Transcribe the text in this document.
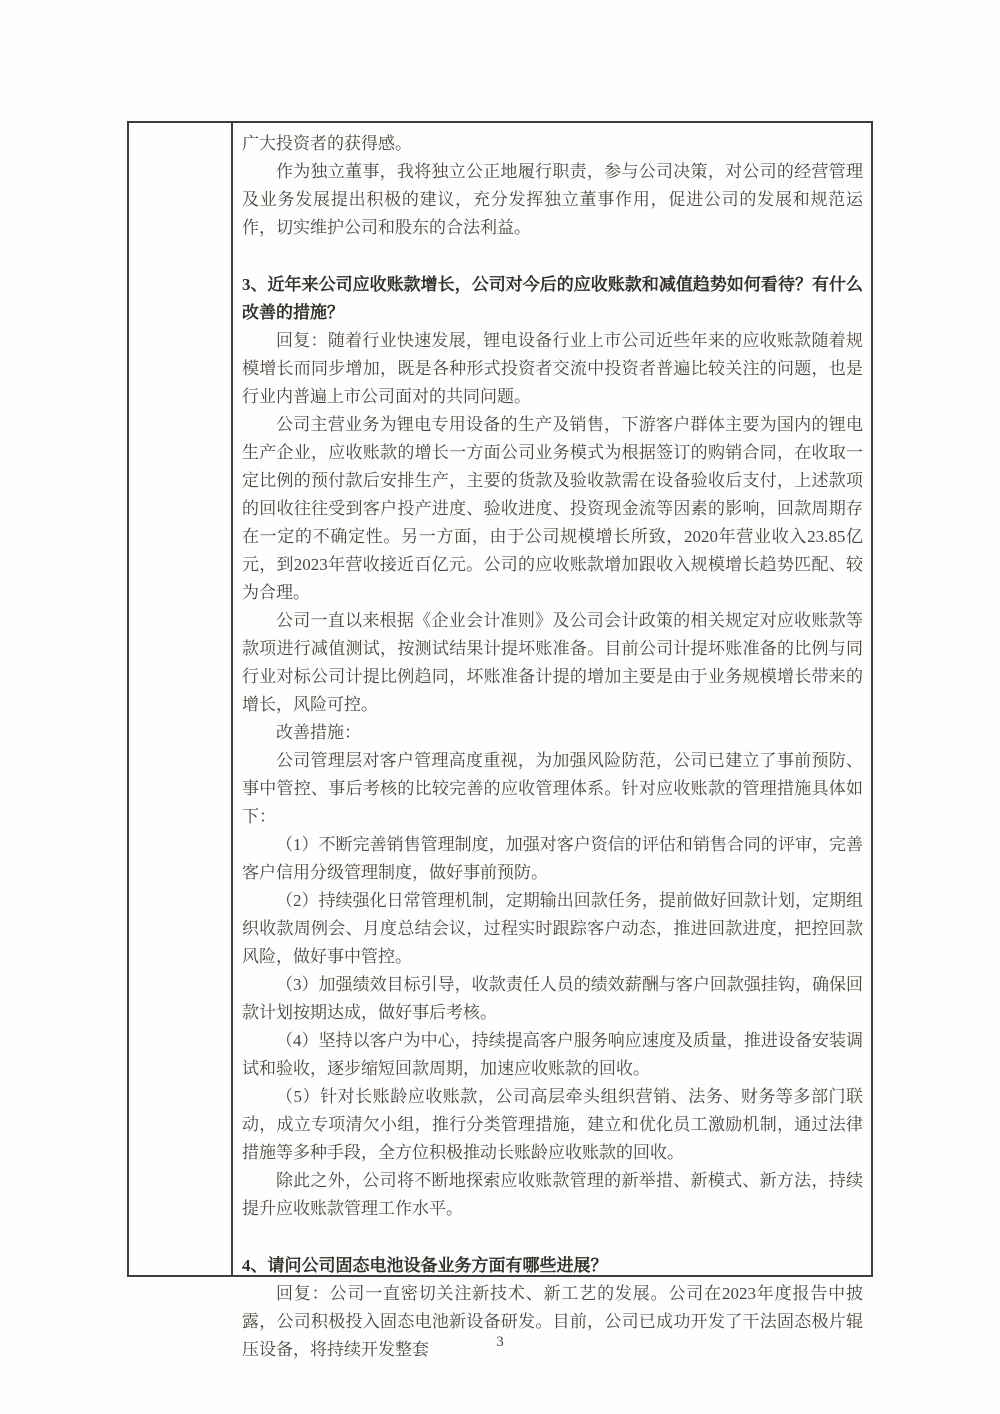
广大投资者的获得感。

作为独立董事，我将独立公正地履行职责，参与公司决策，对公司的经营管理及业务发展提出积极的建议，充分发挥独立董事作用，促进公司的发展和规范运作，切实维护公司和股东的合法利益。

3、近年来公司应收账款增长，公司对今后的应收账款和减值趋势如何看待？有什么改善的措施？

回复：随着行业快速发展，锂电设备行业上市公司近些年来的应收账款随着规模增长而同步增加，既是各种形式投资者交流中投资者普遍比较关注的问题，也是行业内普遍上市公司面对的共同问题。

公司主营业务为锂电专用设备的生产及销售，下游客户群体主要为国内的锂电生产企业，应收账款的增长一方面公司业务模式为根据签订的购销合同，在收取一定比例的预付款后安排生产，主要的货款及验收款需在设备验收后支付，上述款项的回收往往受到客户投产进度、验收进度、投资现金流等因素的影响，回款周期存在一定的不确定性。另一方面，由于公司规模增长所致，2020年营业收入23.85亿元，到2023年营收接近百亿元。公司的应收账款增加跟收入规模增长趋势匹配、较为合理。

公司一直以来根据《企业会计准则》及公司会计政策的相关规定对应收账款等款项进行减值测试，按测试结果计提坏账准备。目前公司计提坏账准备的比例与同行业对标公司计提比例趋同，坏账准备计提的增加主要是由于业务规模增长带来的增长，风险可控。

改善措施：

公司管理层对客户管理高度重视，为加强风险防范，公司已建立了事前预防、事中管控、事后考核的比较完善的应收管理体系。针对应收账款的管理措施具体如下：

（1）不断完善销售管理制度，加强对客户资信的评估和销售合同的评审，完善客户信用分级管理制度，做好事前预防。

（2）持续强化日常管理机制，定期输出回款任务，提前做好回款计划，定期组织收款周例会、月度总结会议，过程实时跟踪客户动态，推进回款进度，把控回款风险，做好事中管控。

（3）加强绩效目标引导，收款责任人员的绩效薪酬与客户回款强挂钩，确保回款计划按期达成，做好事后考核。

（4）坚持以客户为中心，持续提高客户服务响应速度及质量，推进设备安装调试和验收，逐步缩短回款周期，加速应收账款的回收。

（5）针对长账龄应收账款，公司高层牵头组织营销、法务、财务等多部门联动，成立专项清欠小组，推行分类管理措施，建立和优化员工激励机制，通过法律措施等多种手段，全方位积极推动长账龄应收账款的回收。

除此之外，公司将不断地探索应收账款管理的新举措、新模式、新方法，持续提升应收账款管理工作水平。

4、请问公司固态电池设备业务方面有哪些进展？

回复：公司一直密切关注新技术、新工艺的发展。公司在2023年度报告中披露，公司积极投入固态电池新设备研发。目前，公司已成功开发了干法固态极片辊压设备，将持续开发整套	3
